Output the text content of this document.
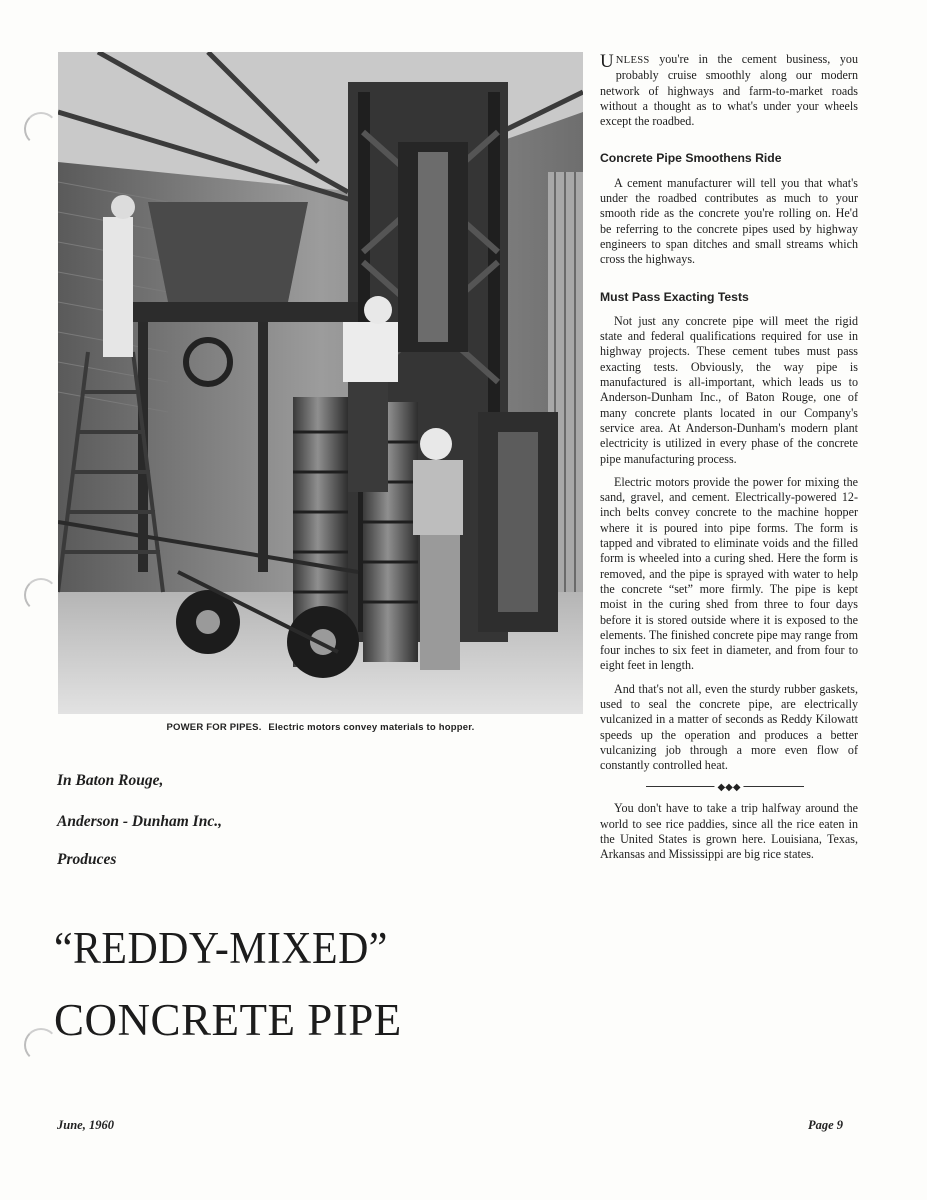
POWER FOR PIPES. Electric motors convey materials to hopper.
In Baton Rouge,
Anderson - Dunham Inc.,
Produces
“REDDY-MIXED”
CONCRETE PIPE

UNLESS you're in the cement business, you probably cruise smoothly along our modern network of highways and farm-to-market roads without a thought as to what's under your wheels except the roadbed.

Concrete Pipe Smoothens Ride

A cement manufacturer will tell you that what's under the roadbed contributes as much to your smooth ride as the concrete you're rolling on. He'd be referring to the concrete pipes used by highway engineers to span ditches and small streams which cross the highways.

Must Pass Exacting Tests

Not just any concrete pipe will meet the rigid state and federal qualifications required for use in highway projects. These cement tubes must pass exacting tests. Obviously, the way pipe is manufactured is all-important, which leads us to Anderson-Dunham Inc., of Baton Rouge, one of many concrete plants located in our Company's service area. At Anderson-Dunham's modern plant electricity is utilized in every phase of the concrete pipe manufacturing process.

Electric motors provide the power for mixing the sand, gravel, and cement. Electrically-powered 12-inch belts convey concrete to the machine hopper where it is poured into pipe forms. The form is tapped and vibrated to eliminate voids and the filled form is wheeled into a curing shed. Here the form is removed, and the pipe is sprayed with water to help the concrete “set” more firmly. The pipe is kept moist in the curing shed from three to four days before it is stored outside where it is exposed to the elements. The finished concrete pipe may range from four inches to six feet in diameter, and from four to eight feet in length.

And that's not all, even the sturdy rubber gaskets, used to seal the concrete pipe, are electrically vulcanized in a matter of seconds as Reddy Kilowatt speeds up the operation and produces a better vulcanizing job through a more even flow of constantly controlled heat.

◆◆◆

You don't have to take a trip halfway around the world to see rice paddies, since all the rice eaten in the United States is grown here. Louisiana, Texas, Arkansas and Mississippi are big rice states.

June, 1960	Page 9
